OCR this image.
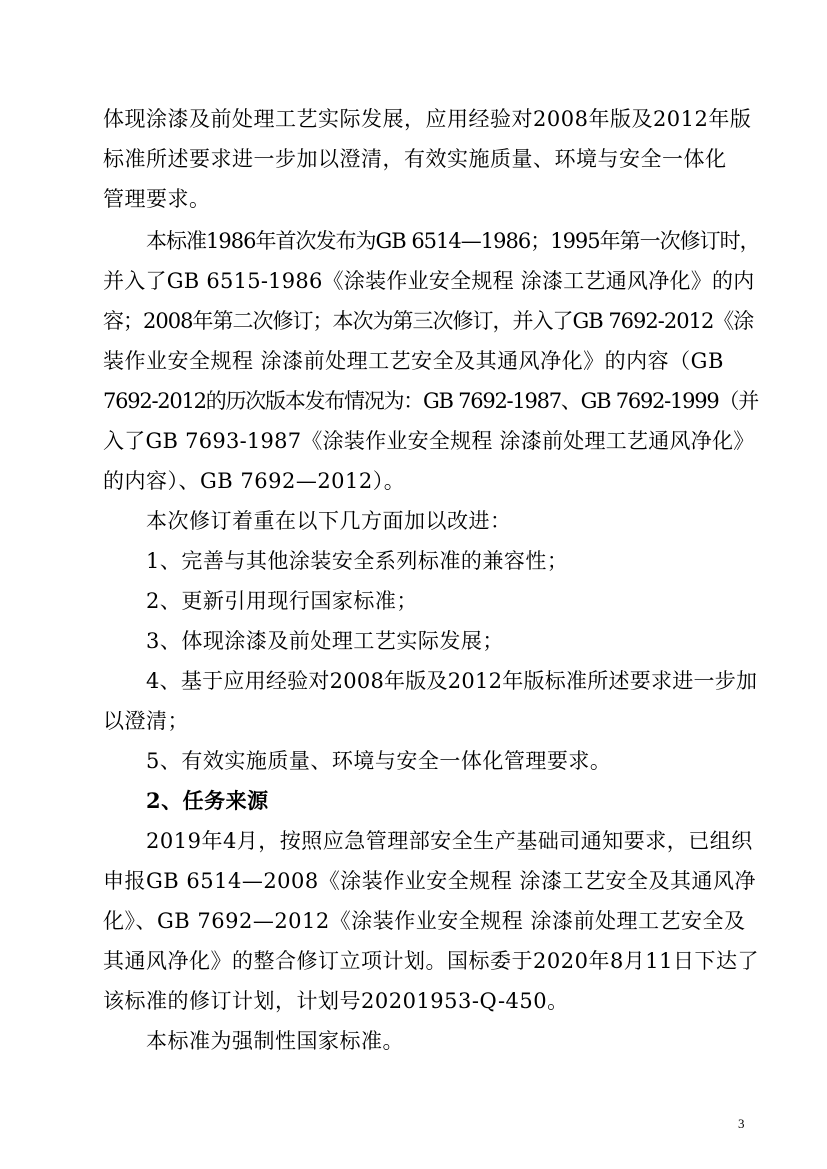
体现涂漆及前处理工艺实际发展，应用经验对2008年版及2012年版
标准所述要求进一步加以澄清，有效实施质量、环境与安全一体化
管理要求。
本标准1986年首次发布为GB 6514—1986；1995年第一次修订时，
并入了GB 6515-1986《涂装作业安全规程 涂漆工艺通风净化》的内
容；2008年第二次修订；本次为第三次修订，并入了GB 7692-2012《涂
装作业安全规程 涂漆前处理工艺安全及其通风净化》的内容（GB
7692-2012的历次版本发布情况为：GB 7692-1987、GB 7692-1999（并
入了GB 7693-1987《涂装作业安全规程 涂漆前处理工艺通风净化》
的内容）、GB 7692—2012）。
本次修订着重在以下几方面加以改进：
1、完善与其他涂装安全系列标准的兼容性；
2、更新引用现行国家标准；
3、体现涂漆及前处理工艺实际发展；
4、基于应用经验对2008年版及2012年版标准所述要求进一步加
以澄清；
5、有效实施质量、环境与安全一体化管理要求。
2、任务来源
2019年4月，按照应急管理部安全生产基础司通知要求，已组织
申报GB 6514—2008《涂装作业安全规程 涂漆工艺安全及其通风净
化》、GB 7692—2012《涂装作业安全规程 涂漆前处理工艺安全及
其通风净化》的整合修订立项计划。国标委于2020年8月11日下达了
该标准的修订计划，计划号20201953-Q-450。
本标准为强制性国家标准。
3
